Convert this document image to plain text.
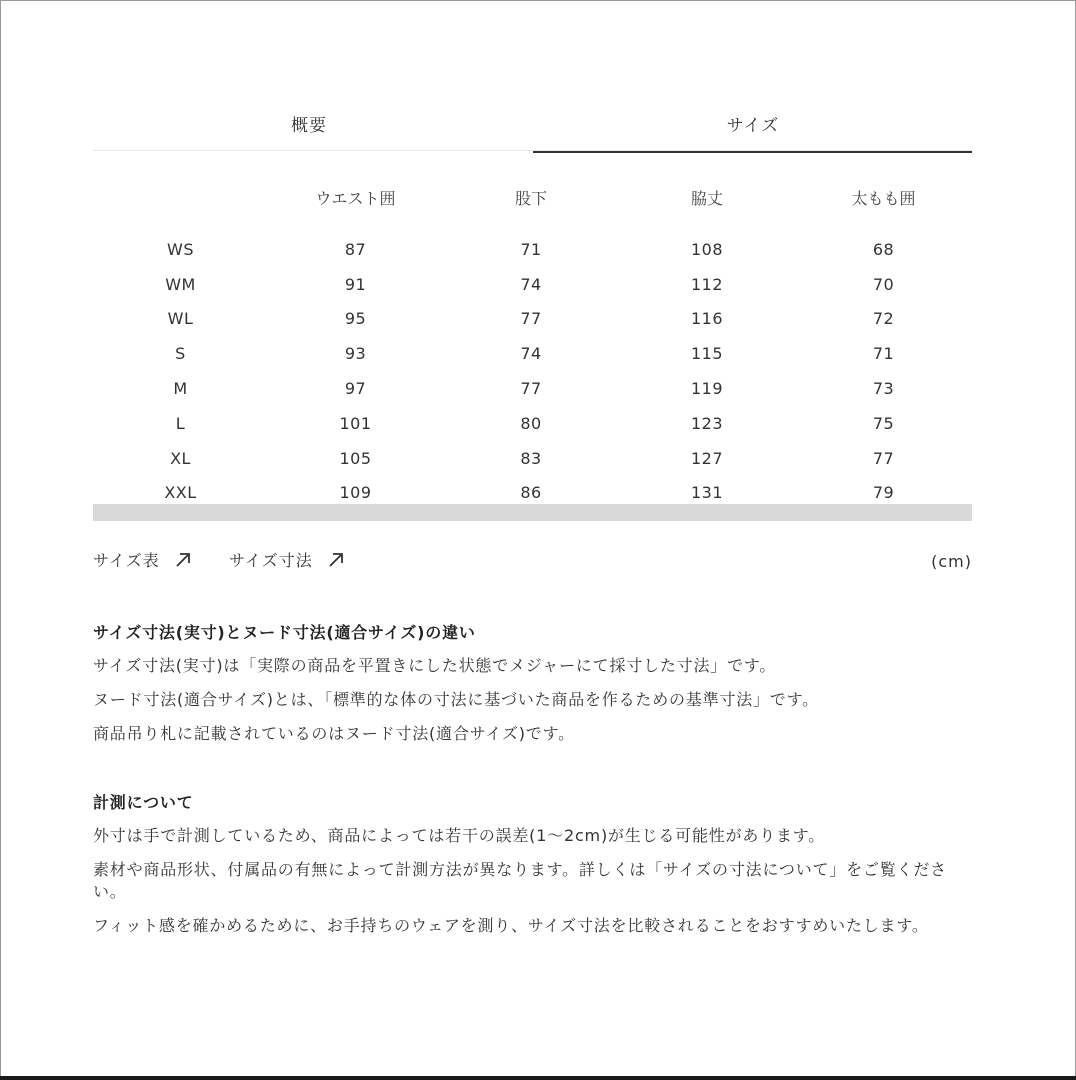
概要	サイズ
	ウエスト囲	股下	脇丈	太もも囲

WS	87	71	108	68
WM	91	74	112	70
WL	95	77	116	72
S	93	74	115	71
M	97	77	119	73
L	101	80	123	75
XL	105	83	127	77
XXL	109	86	131	79
サイズ表	サイズ寸法	(cm)
サイズ寸法(実寸)とヌード寸法(適合サイズ)の違い

サイズ寸法(実寸)は「実際の商品を平置きにした状態でメジャーにて採寸した寸法」です。

ヌード寸法(適合サイズ)とは、「標準的な体の寸法に基づいた商品を作るための基準寸法」です。

商品吊り札に記載されているのはヌード寸法(適合サイズ)です。

計測について

外寸は手で計測しているため、商品によっては若干の誤差(1〜2cm)が生じる可能性があります。

素材や商品形状、付属品の有無によって計測方法が異なります。詳しくは「サイズの寸法について」をご覧ください。

フィット感を確かめるために、お手持ちのウェアを測り、サイズ寸法を比較されることをおすすめいたします。
